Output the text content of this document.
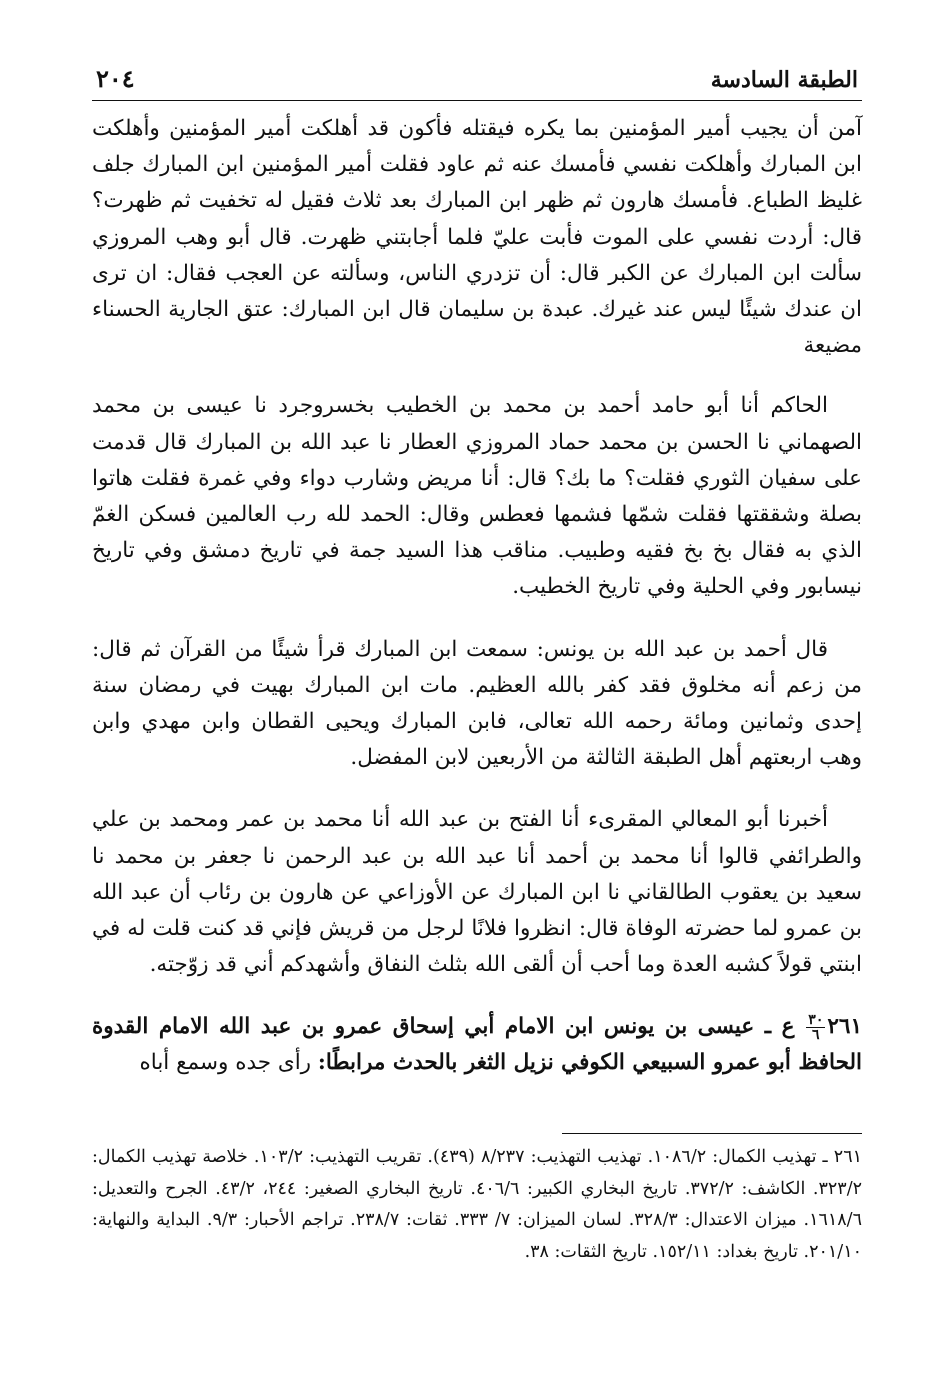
الطبقة السادسة
٢٠٤

آمن أن يجيب أمير المؤمنين بما يكره فيقتله فأكون قد أهلكت أمير المؤمنين وأهلكت ابن المبارك وأهلكت نفسي فأمسك عنه ثم عاود فقلت أمير المؤمنين ابن المبارك جلف غليظ الطباع. فأمسك هارون ثم ظهر ابن المبارك بعد ثلاث فقيل له تخفيت ثم ظهرت؟ قال: أردت نفسي على الموت فأبت عليّ فلما أجابتني ظهرت. قال أبو وهب المروزي سألت ابن المبارك عن الكبر قال: أن تزدري الناس، وسألته عن العجب فقال: ان ترى ان عندك شيئًا ليس عند غيرك. عبدة بن سليمان قال ابن المبارك: عتق الجارية الحسناء مضيعة

الحاكم أنا أبو حامد أحمد بن محمد بن الخطيب بخسروجرد نا عيسى بن محمد الصهماني نا الحسن بن محمد حماد المروزي العطار نا عبد الله بن المبارك قال قدمت على سفيان الثوري فقلت؟ ما بك؟ قال: أنا مريض وشارب دواء وفي غمرة فقلت هاتوا بصلة وشققتها فقلت شمّها فشمها فعطس وقال: الحمد لله رب العالمين فسكن الغمّ الذي به فقال بخ بخ فقيه وطبيب. مناقب هذا السيد جمة في تاريخ دمشق وفي تاريخ نيسابور وفي الحلية وفي تاريخ الخطيب.

قال أحمد بن عبد الله بن يونس: سمعت ابن المبارك قرأ شيئًا من القرآن ثم قال: من زعم أنه مخلوق فقد كفر بالله العظيم. مات ابن المبارك بهيت في رمضان سنة إحدى وثمانين ومائة رحمه الله تعالى، فابن المبارك ويحيى القطان وابن مهدي وابن وهب اربعتهم أهل الطبقة الثالثة من الأربعين لابن المفضل.

أخبرنا أبو المعالي المقرىء أنا الفتح بن عبد الله أنا محمد بن عمر ومحمد بن علي والطرائفي قالوا أنا محمد بن أحمد أنا عبد الله بن عبد الرحمن نا جعفر بن محمد نا سعيد بن يعقوب الطالقاني نا ابن المبارك عن الأوزاعي عن هارون بن رئاب أن عبد الله بن عمرو لما حضرته الوفاة قال: انظروا فلانًا لرجل من قريش فإني قد كنت قلت له في ابنتي قولاً كشبه العدة وما أحب أن ألقى الله بثلث النفاق وأشهدكم أني قد زوّجته.

٢٦١
$\frac{٣٠}{٦}$
ع ـ عيسى بن يونس ابن الامام أبي إسحاق عمرو بن عبد الله الامام القدوة الحافظ أبو عمرو السبيعي الكوفي نزيل الثغر بالحدث مرابطًا: رأى جده وسمع أباه

٢٦١ ـ تهذيب الكمال: ١٠٨٦/٢. تهذيب التهذيب: ٨/٢٣٧ (٤٣٩). تقريب التهذيب: ١٠٣/٢. خلاصة تهذيب الكمال: ٣٢٣/٢. الكاشف: ٣٧٢/٢. تاريخ البخاري الكبير: ٤٠٦/٦. تاريخ البخاري الصغير: ٢٤٤، ٤٣/٢. الجرح والتعديل: ١٦١٨/٦. ميزان الاعتدال: ٣٢٨/٣. لسان الميزان: ٧/ ٣٣٣. ثقات: ٢٣٨/٧. تراجم الأحبار: ٩/٣. البداية والنهاية: ٢٠١/١٠. تاريخ بغداد: ١٥٢/١١. تاريخ الثقات: ٣٨.
